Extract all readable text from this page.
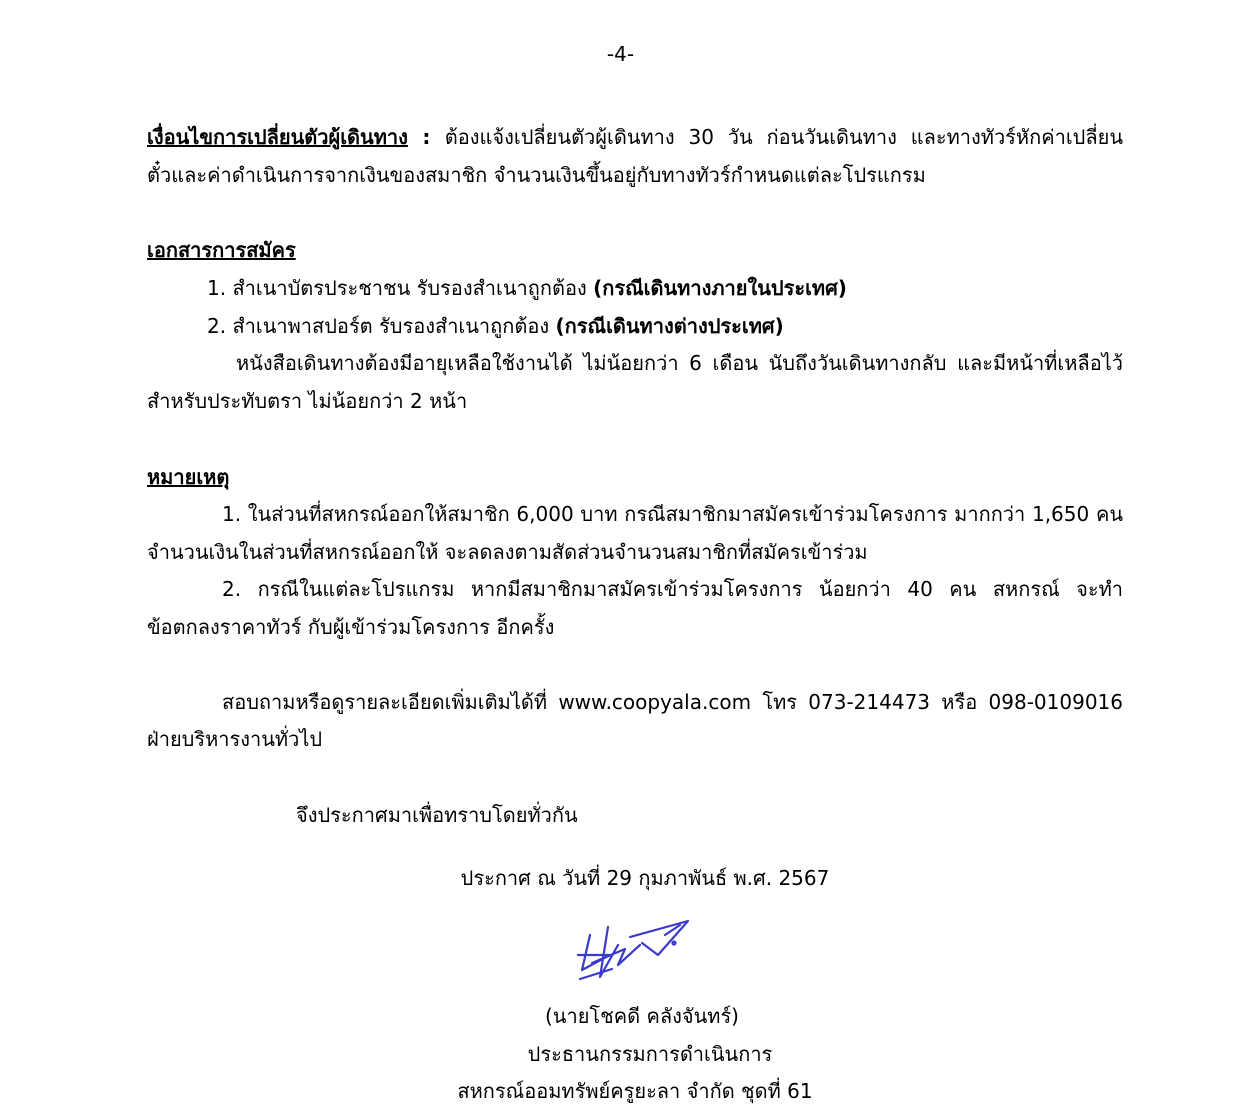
-4-
เงื่อนไขการเปลี่ยนตัวผู้เดินทาง : ต้องแจ้งเปลี่ยนตัวผู้เดินทาง 30 วัน ก่อนวันเดินทาง และทางทัวร์หักค่าเปลี่ยน
ตั๋วและค่าดำเนินการจากเงินของสมาชิก จำนวนเงินขึ้นอยู่กับทางทัวร์กำหนดแต่ละโปรแกรม
เอกสารการสมัคร
1. สำเนาบัตรประชาชน รับรองสำเนาถูกต้อง (กรณีเดินทางภายในประเทศ)
2. สำเนาพาสปอร์ต รับรองสำเนาถูกต้อง (กรณีเดินทางต่างประเทศ)
หนังสือเดินทางต้องมีอายุเหลือใช้งานได้ ไม่น้อยกว่า 6 เดือน นับถึงวันเดินทางกลับ และมีหน้าที่เหลือไว้
สำหรับประทับตรา ไม่น้อยกว่า 2 หน้า
หมายเหตุ
1. ในส่วนที่สหกรณ์ออกให้สมาชิก 6,000 บาท กรณีสมาชิกมาสมัครเข้าร่วมโครงการ มากกว่า 1,650 คน
จำนวนเงินในส่วนที่สหกรณ์ออกให้ จะลดลงตามสัดส่วนจำนวนสมาชิกที่สมัครเข้าร่วม
2. กรณีในแต่ละโปรแกรม หากมีสมาชิกมาสมัครเข้าร่วมโครงการ น้อยกว่า 40 คน สหกรณ์ จะทำ
ข้อตกลงราคาทัวร์ กับผู้เข้าร่วมโครงการ อีกครั้ง
สอบถามหรือดูรายละเอียดเพิ่มเติมได้ที่ www.coopyala.com โทร 073-214473 หรือ 098-0109016
ฝ่ายบริหารงานทั่วไป
จึงประกาศมาเพื่อทราบโดยทั่วกัน
ประกาศ ณ วันที่ 29 กุมภาพันธ์ พ.ศ. 2567
(นายโชคดี คลังจันทร์)
ประธานกรรมการดำเนินการ
สหกรณ์ออมทรัพย์ครูยะลา จำกัด ชุดที่ 61
